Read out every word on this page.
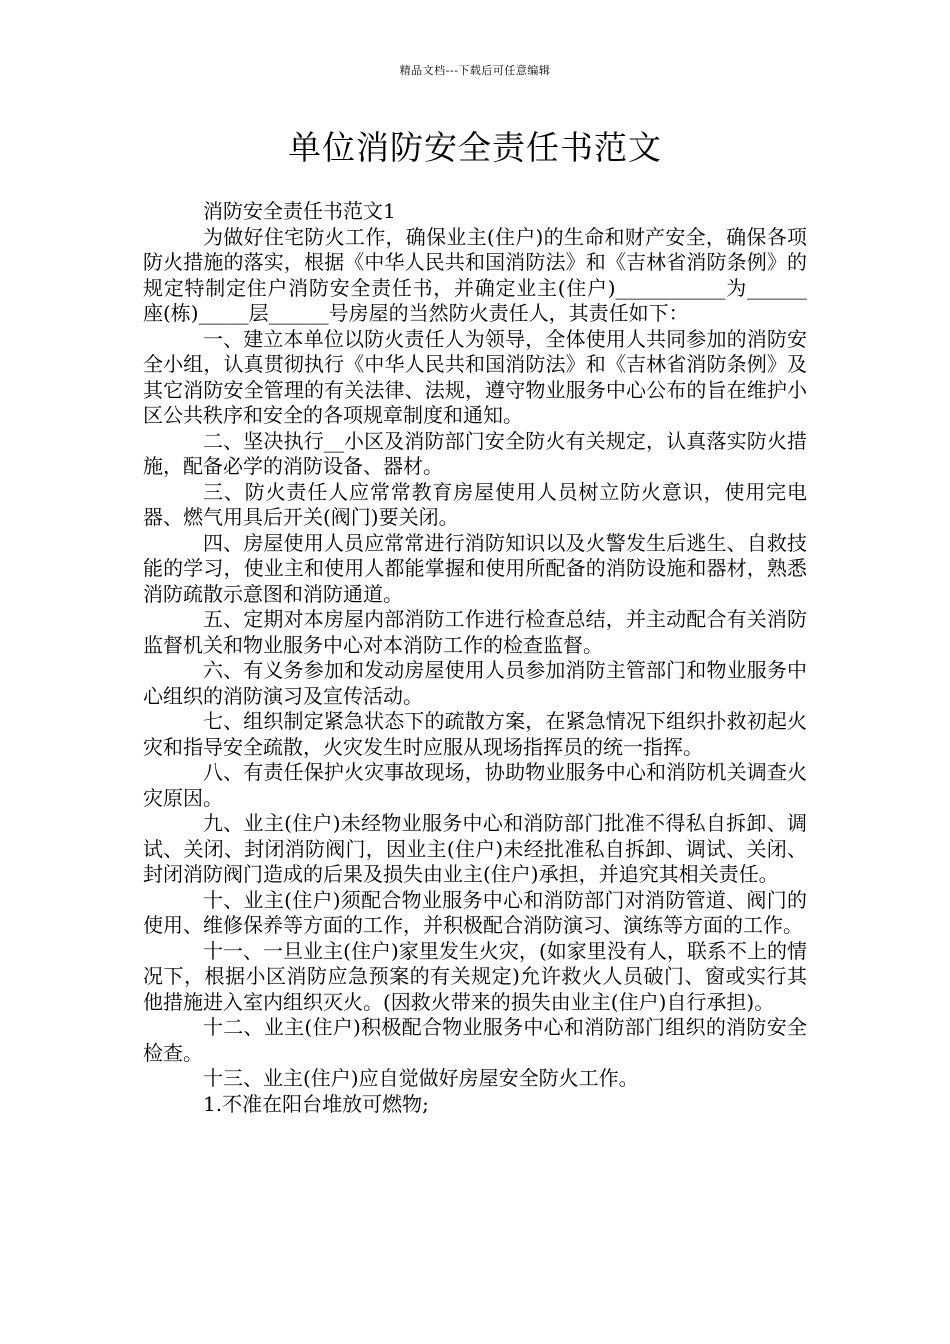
精品文档---下载后可任意编辑
单位消防安全责任书范文

消防安全责任书范文1

为做好住宅防火工作，确保业主(住户)的生命和财产安全，确保各项防火措施的落实，根据《中华人民共和国消防法》和《吉林省消防条例》的规定特制定住户消防安全责任书，并确定业主(住户)___________为______座(栋)_____层______号房屋的当然防火责任人，其责任如下：

一、建立本单位以防火责任人为领导，全体使用人共同参加的消防安全小组，认真贯彻执行《中华人民共和国消防法》和《吉林省消防条例》及其它消防安全管理的有关法律、法规，遵守物业服务中心公布的旨在维护小区公共秩序和安全的各项规章制度和通知。

二、坚决执行__小区及消防部门安全防火有关规定，认真落实防火措施，配备必学的消防设备、器材。

三、防火责任人应常常教育房屋使用人员树立防火意识，使用完电器、燃气用具后开关(阀门)要关闭。

四、房屋使用人员应常常进行消防知识以及火警发生后逃生、自救技能的学习，使业主和使用人都能掌握和使用所配备的消防设施和器材，熟悉消防疏散示意图和消防通道。

五、定期对本房屋内部消防工作进行检查总结，并主动配合有关消防监督机关和物业服务中心对本消防工作的检查监督。

六、有义务参加和发动房屋使用人员参加消防主管部门和物业服务中心组织的消防演习及宣传活动。

七、组织制定紧急状态下的疏散方案，在紧急情况下组织扑救初起火灾和指导安全疏散，火灾发生时应服从现场指挥员的统一指挥。

八、有责任保护火灾事故现场，协助物业服务中心和消防机关调查火灾原因。

九、业主(住户)未经物业服务中心和消防部门批准不得私自拆卸、调试、关闭、封闭消防阀门，因业主(住户)未经批准私自拆卸、调试、关闭、封闭消防阀门造成的后果及损失由业主(住户)承担，并追究其相关责任。

十、业主(住户)须配合物业服务中心和消防部门对消防管道、阀门的使用、维修保养等方面的工作，并积极配合消防演习、演练等方面的工作。

十一、一旦业主(住户)家里发生火灾，(如家里没有人，联系不上的情况下，根据小区消防应急预案的有关规定)允许救火人员破门、窗或实行其他措施进入室内组织灭火。(因救火带来的损失由业主(住户)自行承担)。

十二、业主(住户)积极配合物业服务中心和消防部门组织的消防安全检查。

十三、业主(住户)应自觉做好房屋安全防火工作。

1.不准在阳台堆放可燃物;
